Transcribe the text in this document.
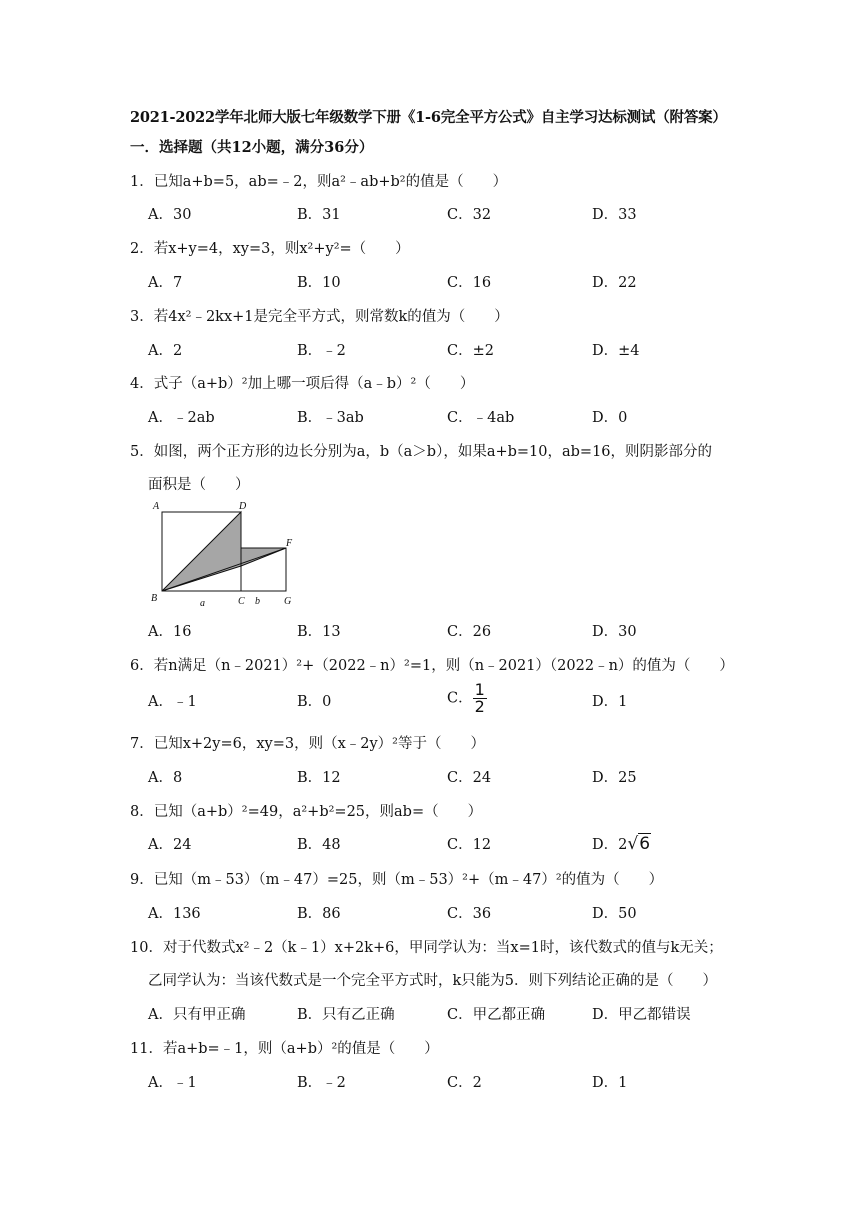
2021-2022学年北师大版七年级数学下册《1-6完全平方公式》自主学习达标测试（附答案）
一．选择题（共12小题，满分36分）
1．已知a+b=5，ab=﹣2，则a²﹣ab+b²的值是（　　）
A．30	B．31	C．32	D．33
2．若x+y=4，xy=3，则x²+y²=（　　）
A．7	B．10	C．16	D．22
3．若4x²﹣2kx+1是完全平方式，则常数k的值为（　　）
A．2	B．﹣2	C．±2	D．±4
4．式子（a+b）²加上哪一项后得（a﹣b）²（　　）
A．﹣2ab	B．﹣3ab	C．﹣4ab	D．0
5．如图，两个正方形的边长分别为a，b（a＞b），如果a+b=10，ab=16，则阴影部分的
面积是（　　）
A	D
F
B	C	G
a	b
A．16	B．13	C．26	D．30
6．若n满足（n﹣2021）²+（2022﹣n）²=1，则（n﹣2021）（2022﹣n）的值为（　　）
A．﹣1	B．0	C． $\frac{1}{2}$	D．1
7．已知x+2y=6，xy=3，则（x﹣2y）²等于（　　）
A．8	B．12	C．24	D．25
8．已知（a+b）²=49，a²+b²=25，则ab=（　　）
A．24	B．48	C．12	D．2√6
9．已知（m﹣53）（m﹣47）=25，则（m﹣53）²+（m﹣47）²的值为（　　）
A．136	B．86	C．36	D．50
10．对于代数式x²﹣2（k﹣1）x+2k+6，甲同学认为：当x=1时，该代数式的值与k无关；
乙同学认为：当该代数式是一个完全平方式时，k只能为5．则下列结论正确的是（　　）
A．只有甲正确	B．只有乙正确	C．甲乙都正确	D．甲乙都错误
11．若a+b=﹣1，则（a+b）²的值是（　　）
A．﹣1	B．﹣2	C．2	D．1
